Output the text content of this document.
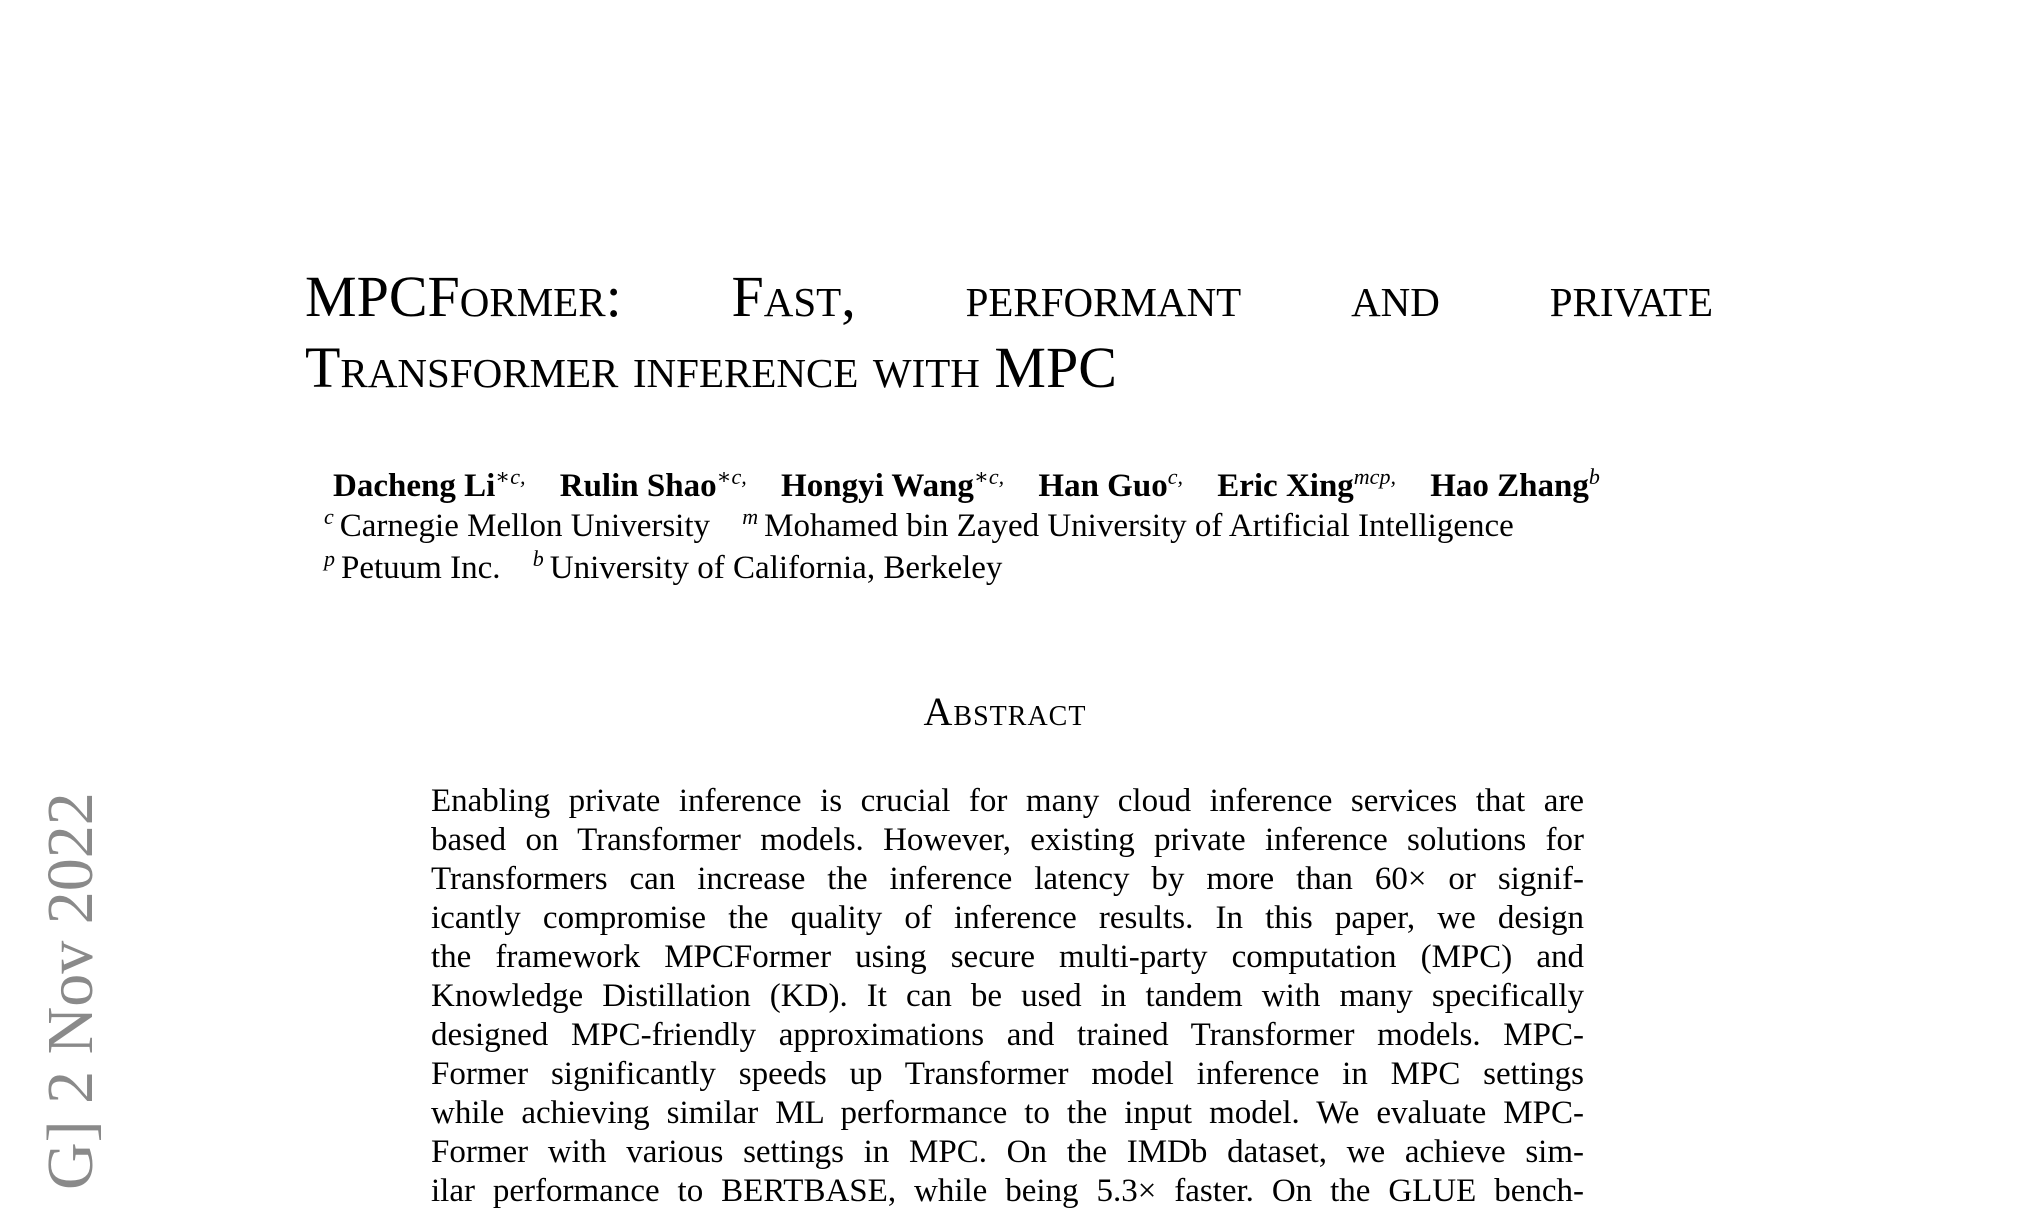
MPCFormer: Fast, performant and private
Transformer inference with MPC
Dacheng $Li^{∗c,}$ Rulin Shao$^{∗c,}$ Hongyi Wang$^{∗c,}$ Han Guo$^{c,}$ Eric Xing$^{mcp,}$ Hao Zhang$^b$
$^c$ Carnegie Mellon University $^m$ Mohamed bin Zayed University of Artificial Intelligence
$^p$ Petuum Inc. $^b$ University of California, Berkeley
Abstract
Enabling private inference is crucial for many cloud inference services that are
based on Transformer models. However, existing private inference solutions for
Transformers can increase the inference latency by more than 60× or signif-
icantly compromise the quality of inference results. In this paper, we design
the framework MPCFormer using secure multi-party computation (MPC) and
Knowledge Distillation (KD). It can be used in tandem with many specifically
designed MPC-friendly approximations and trained Transformer models. MPC-
Former significantly speeds up Transformer model inference in MPC settings
while achieving similar ML performance to the input model. We evaluate MPC-
Former with various settings in MPC. On the IMDb dataset, we achieve sim-
ilar performance to BERTBASE, while being 5.3× faster. On the GLUE bench-
G] 2 Nov 2022
